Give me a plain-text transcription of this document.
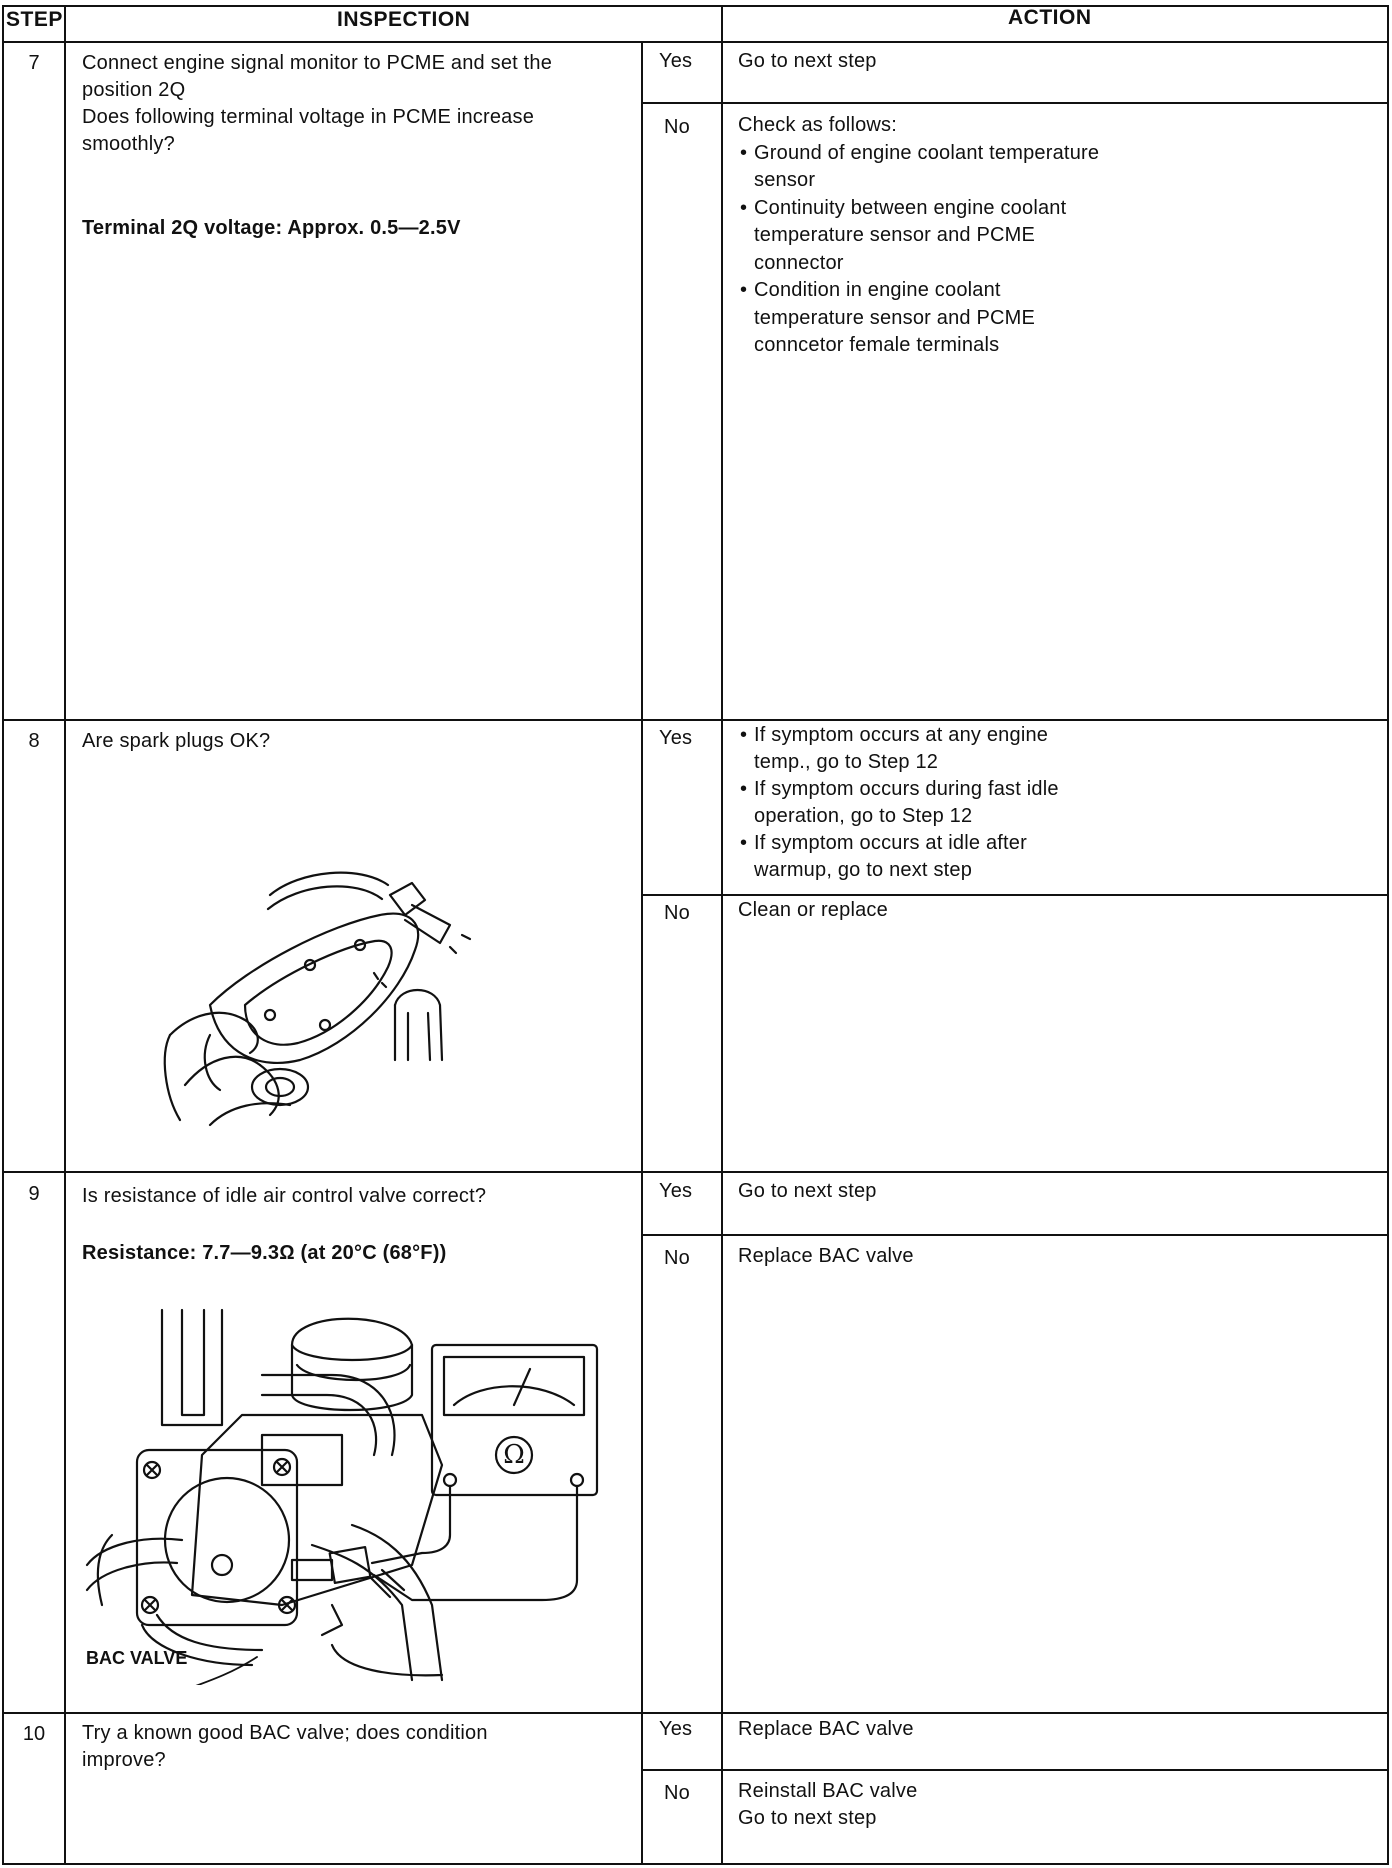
STEP	INSPECTION	ACTION
7	Connect engine signal monitor to PCME and set the
position 2Q
Does following terminal voltage in PCME increase
smoothly?
Terminal 2Q voltage: Approx. 0.5—2.5V
Yes Go to next step
No Check as follows:
• Ground of engine coolant temperature
sensor
• Continuity between engine coolant
temperature sensor and PCME
connector
• Condition in engine coolant
temperature sensor and PCME
conncetor female terminals
8	Are spark plugs OK?	Yes
•	If symptom occurs at any engine
temp., go to Step 12
• If symptom occurs during fast idle
operation, go to Step 12
• If symptom occurs at idle after
warmup, go to next step
No Clean or replace
9	Is resistance of idle air control valve correct?
Resistance: 7.7—9.3Ω (at 20°C (68°F))
Yes Go to next step
No Replace BAC valve
Ω
BAC VALVE
10	Try a known good BAC valve; does condition
improve?
Yes Replace BAC valve
No Reinstall BAC valve
Go to next step
